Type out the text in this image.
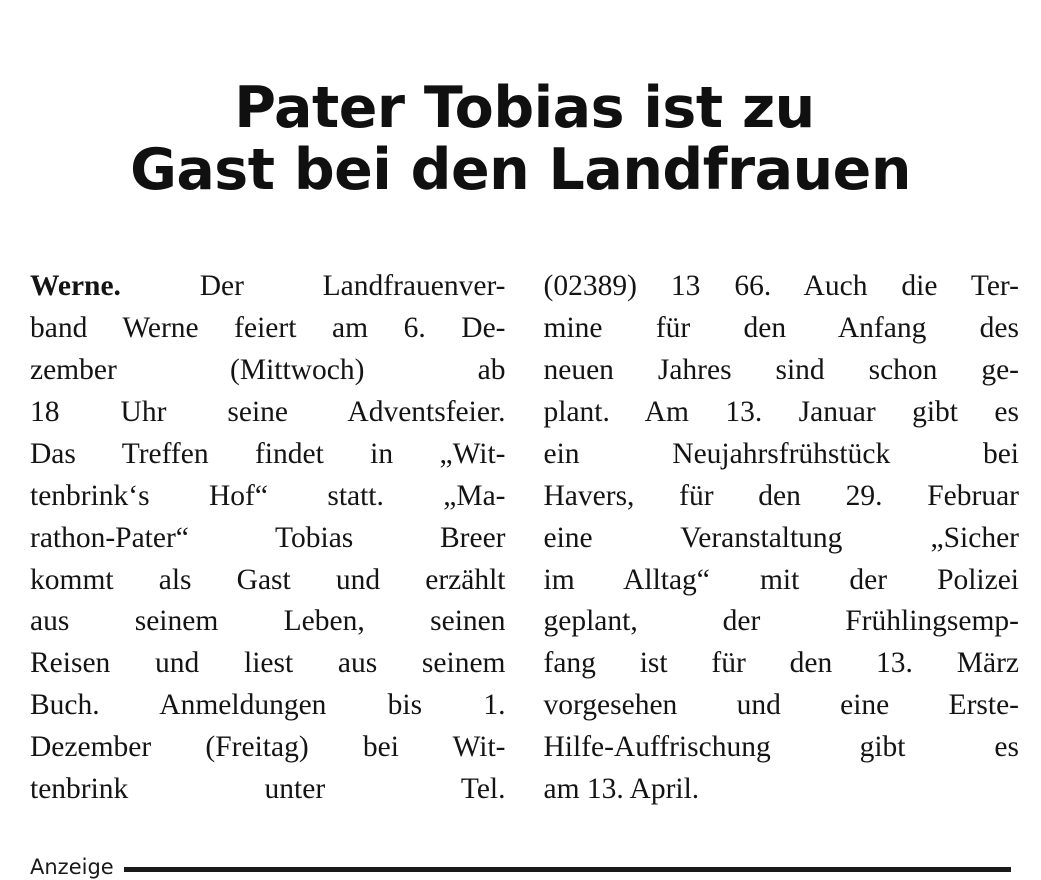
Pater Tobias ist zu
Gast bei den Landfrauen

Werne.	Der Landfrauenver-
band Werne feiert am 6. De-
zember (Mittwoch) ab
18 Uhr seine Adventsfeier.
Das Treffen findet in „Wit-
tenbrink‘s Hof“ statt. „Ma-
rathon-Pater“ Tobias Breer
kommt als Gast und erzählt
aus seinem Leben, seinen
Reisen und liest aus seinem
Buch. Anmeldungen bis 1.
Dezember (Freitag) bei Wit-
tenbrink unter Tel.

(02389) 13 66. Auch die Ter-
mine für den Anfang des
neuen Jahres sind schon ge-
plant. Am 13. Januar gibt es
ein Neujahrsfrühstück bei
Havers, für den 29. Februar
eine Veranstaltung „Sicher
im Alltag“ mit der Polizei
geplant, der Frühlingsemp-
fang ist für den 13. März
vorgesehen und eine Erste-
Hilfe-Auffrischung gibt es
am 13. April.

Anzeige
